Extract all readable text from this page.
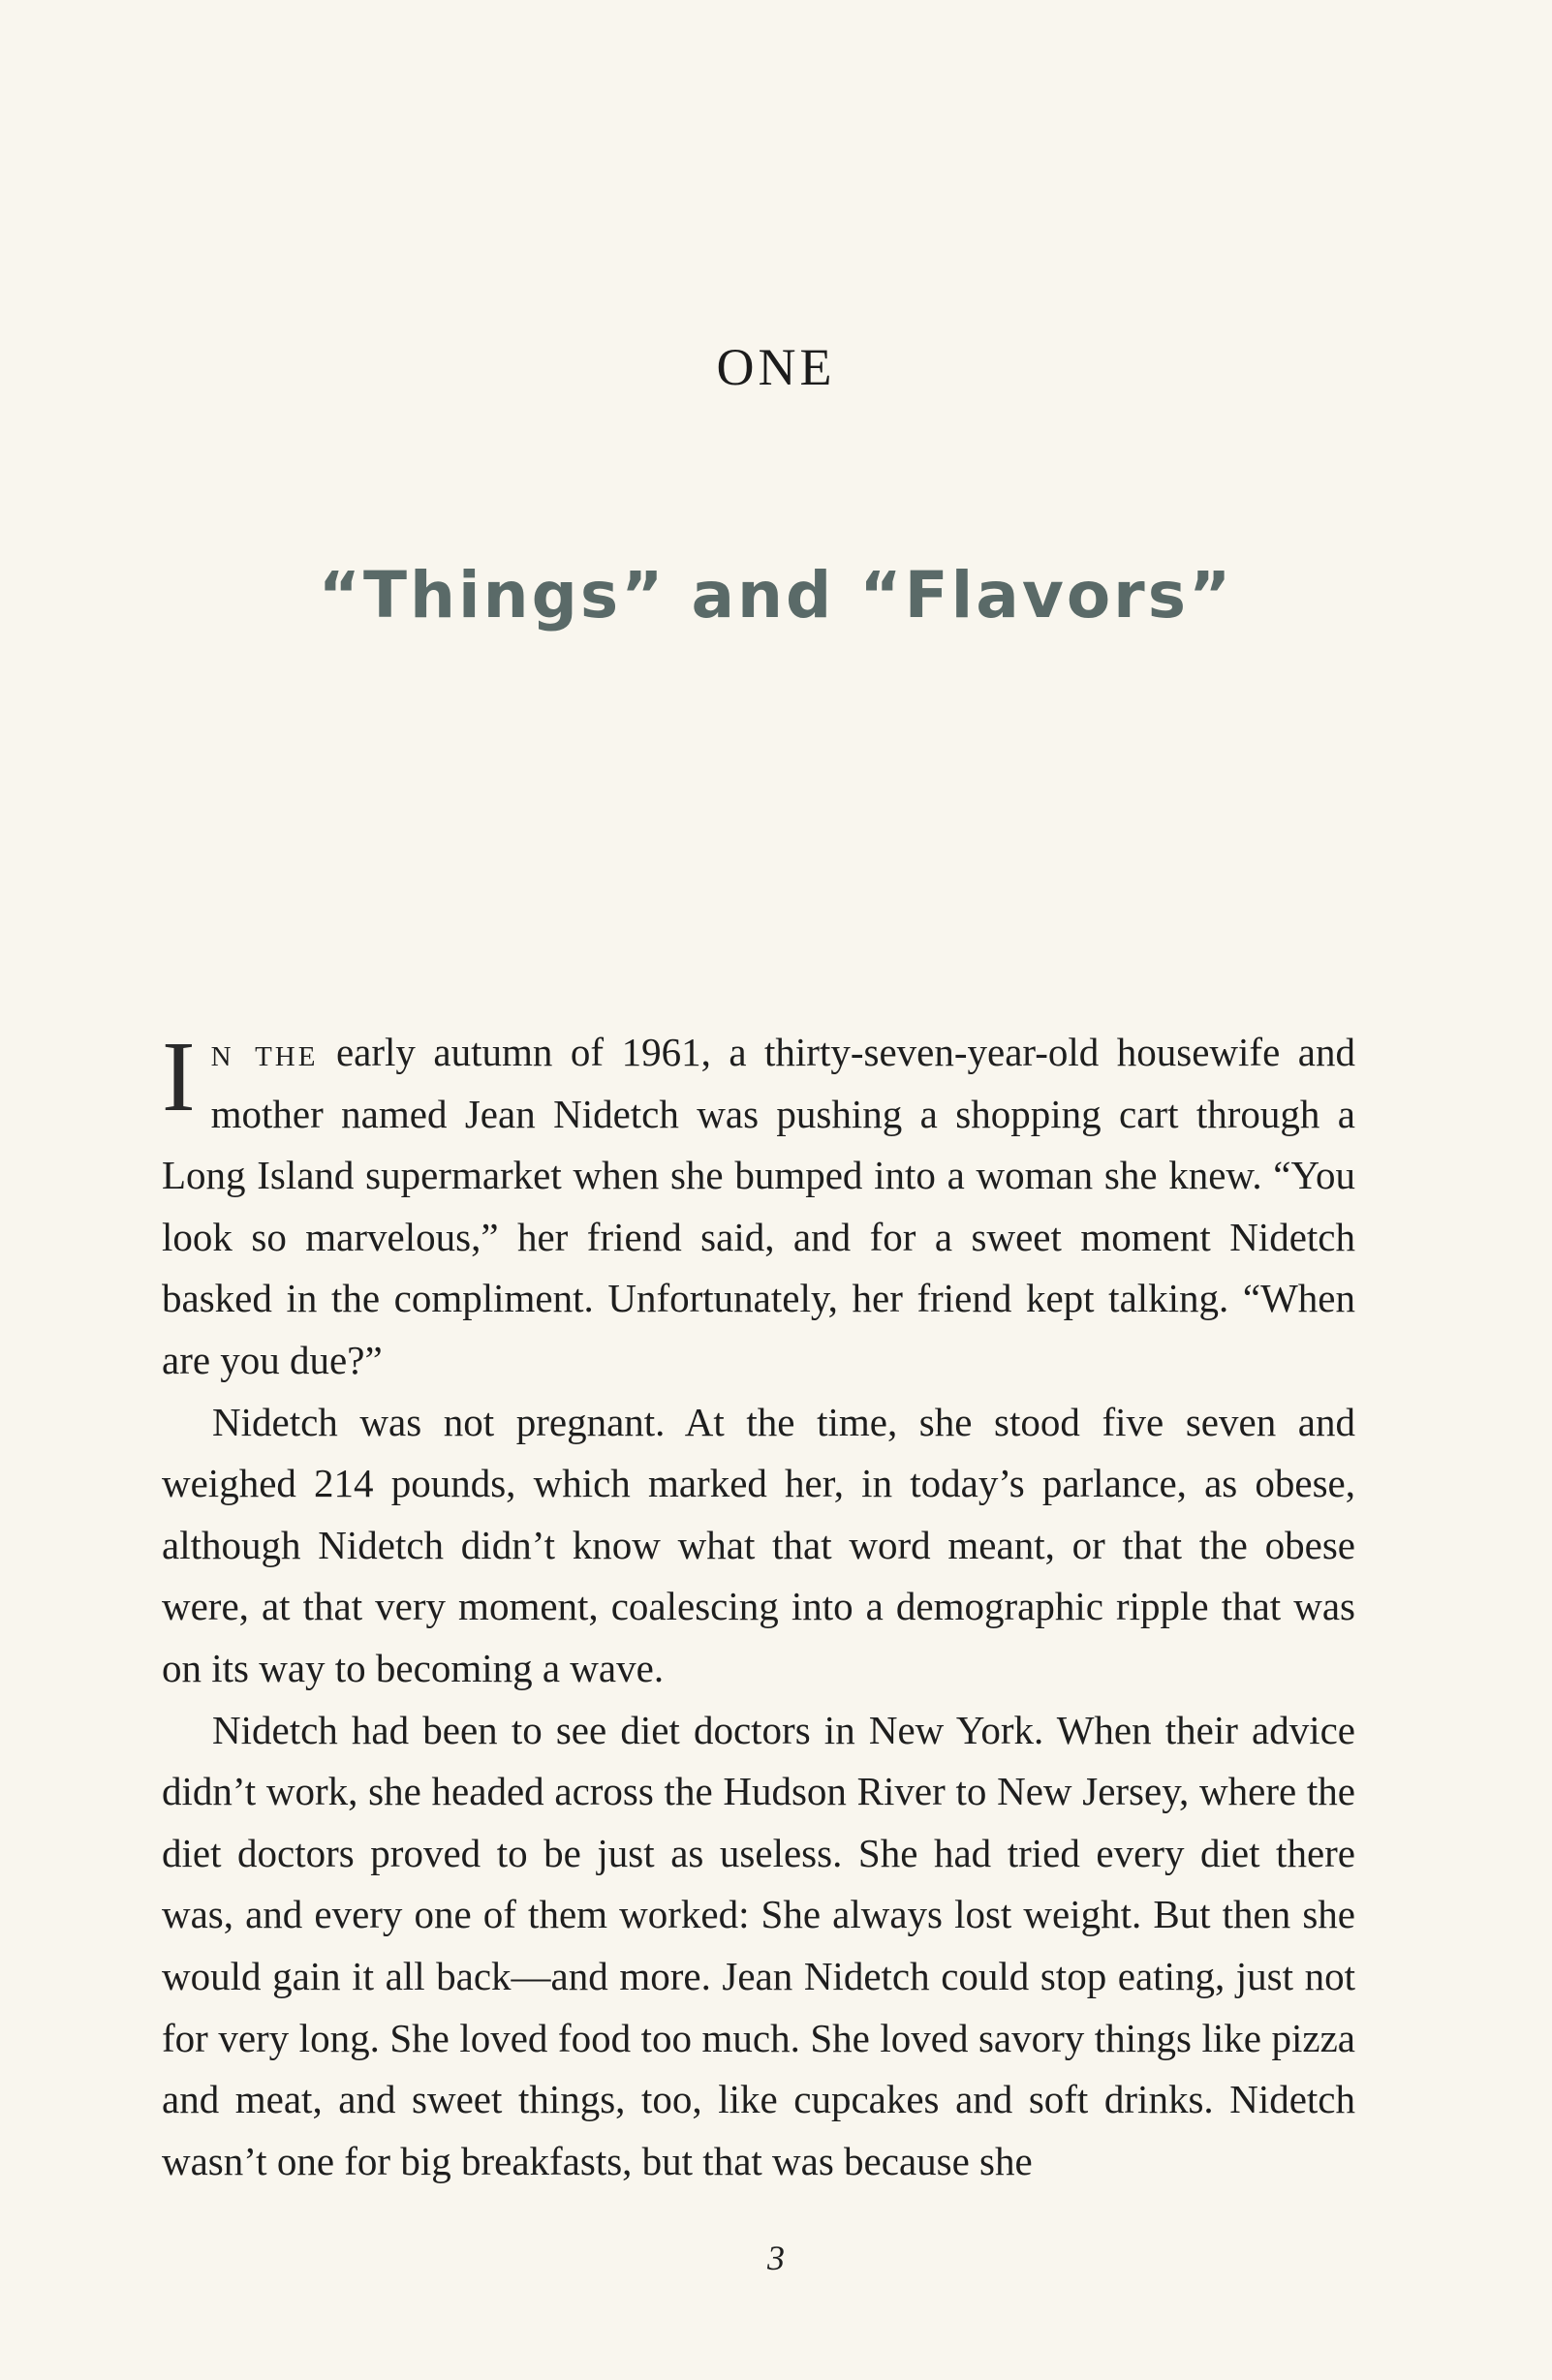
ONE
“Things” and “Flavors”

In the early autumn of 1961, a thirty-seven-year-old housewife and mother named Jean Nidetch was pushing a shopping cart through a Long Island supermarket when she bumped into a woman she knew. “You look so marvelous,” her friend said, and for a sweet moment Nidetch basked in the compliment. Unfortunately, her friend kept talking. “When are you due?”

Nidetch was not pregnant. At the time, she stood five seven and weighed 214 pounds, which marked her, in today’s parlance, as obese, although Nidetch didn’t know what that word meant, or that the obese were, at that very moment, coalescing into a demographic ripple that was on its way to becoming a wave.

Nidetch had been to see diet doctors in New York. When their advice didn’t work, she headed across the Hudson River to New Jersey, where the diet doctors proved to be just as useless. She had tried every diet there was, and every one of them worked: She always lost weight. But then she would gain it all back—and more. Jean Nidetch could stop eating, just not for very long. She loved food too much. She loved savory things like pizza and meat, and sweet things, too, like cupcakes and soft drinks. Nidetch wasn’t one for big breakfasts, but that was because she

3
